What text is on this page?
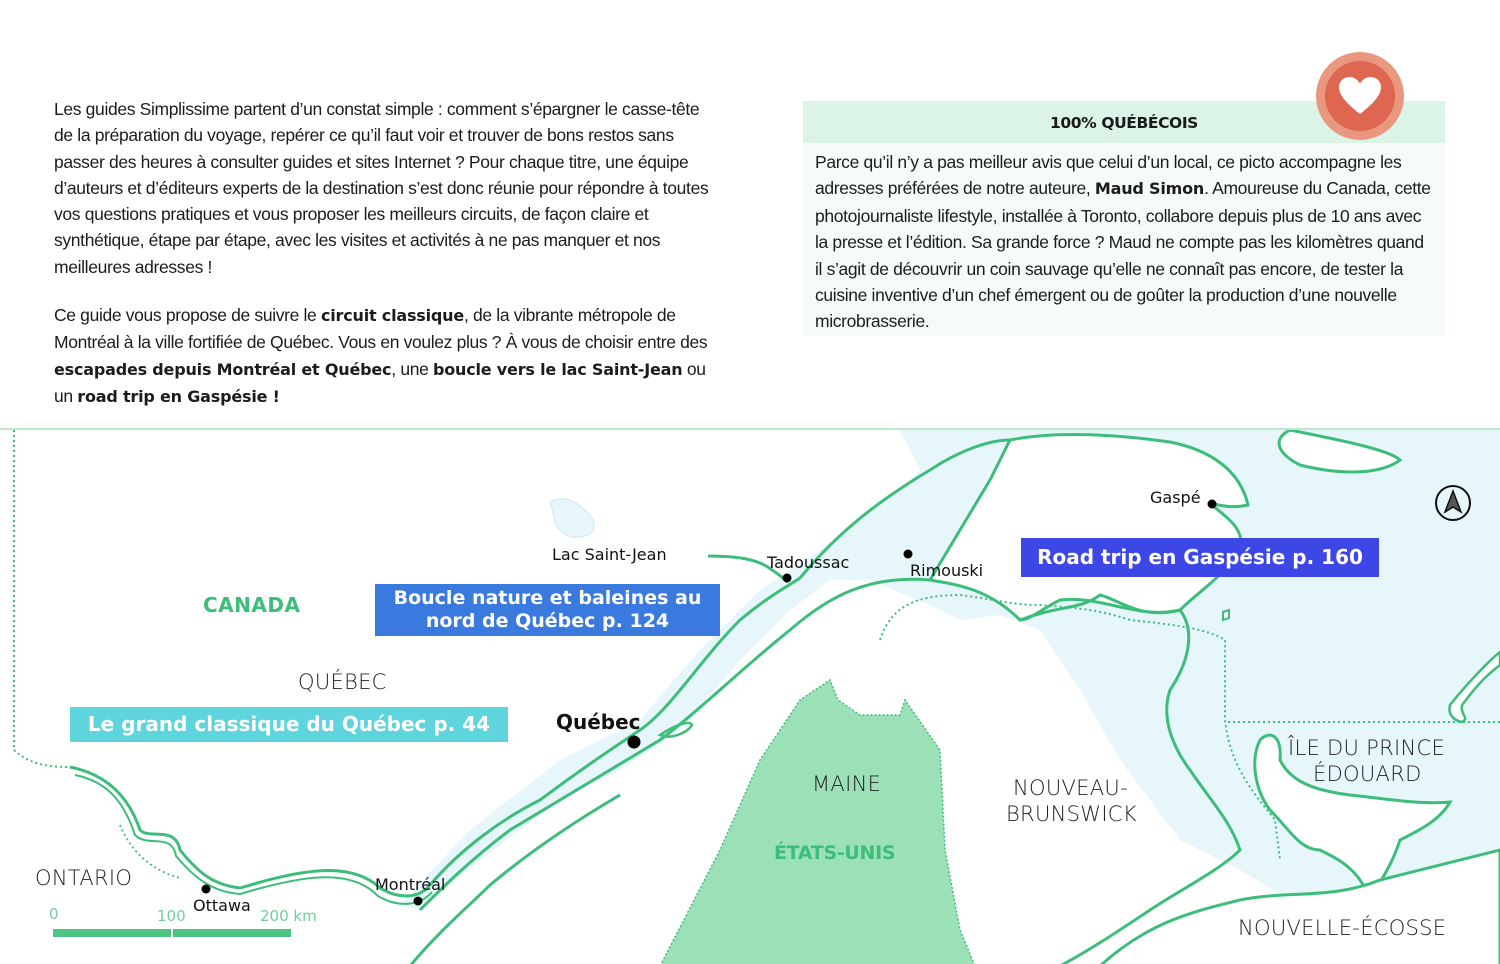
Les guides Simplissime partent d’un constat simple : comment s’épargner le casse-tête de la préparation du voyage, repérer ce qu’il faut voir et trouver de bons restos sans passer des heures à consulter guides et sites Internet ? Pour chaque titre, une équipe d’auteurs et d’éditeurs experts de la destination s’est donc réunie pour répondre à toutes vos questions pratiques et vous proposer les meilleurs circuits, de façon claire et synthétique, étape par étape, avec les visites et activités à ne pas manquer et nos meilleures adresses !

Ce guide vous propose de suivre le circuit classique, de la vibrante métropole de Montréal à la ville fortifiée de Québec. Vous en voulez plus ? À vous de choisir entre des escapades depuis Montréal et Québec, une boucle vers le lac Saint-Jean ou un road trip en Gaspésie !

100% QUÉBÉCOIS
Parce qu’il n’y a pas meilleur avis que celui d’un local, ce picto accompagne les adresses préférées de notre auteure, Maud Simon. Amoureuse du Canada, cette photojournaliste lifestyle, installée à Toronto, collabore depuis plus de 10 ans avec la presse et l’édition. Sa grande force ? Maud ne compte pas les kilomètres quand il s’agit de découvrir un coin sauvage qu’elle ne connaît pas encore, de tester la cuisine inventive d’un chef émergent ou de goûter la production d’une nouvelle microbrasserie.
CANADA
QUÉBEC
ONTARIO
MAINE
ÉTATS-UNIS
NOUVEAU-
BRUNSWICK
ÎLE DU PRINCE
ÉDOUARD
NOUVELLE-ÉCOSSE
Québec
Montréal
Ottawa
Tadoussac	Rimouski
Gaspé
Lac Saint-Jean
Le grand classique du Québec p. 44
Boucle nature et baleines au
nord de Québec p. 124
Road trip en Gaspésie p. 160
0	100	200 km
